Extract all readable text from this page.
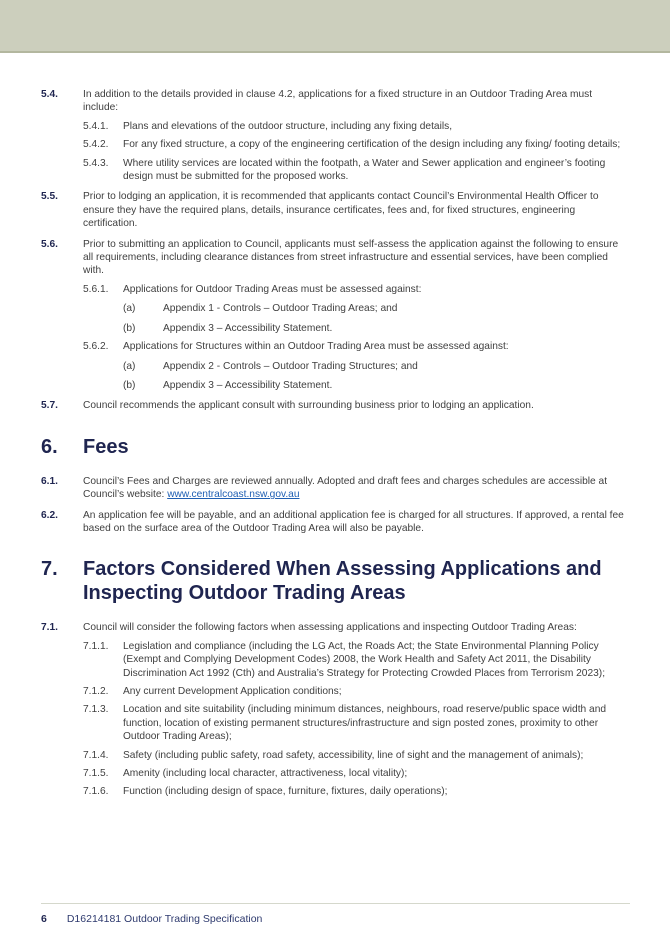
5.4. In addition to the details provided in clause 4.2, applications for a fixed structure in an Outdoor Trading Area must include:
5.4.1. Plans and elevations of the outdoor structure, including any fixing details,
5.4.2. For any fixed structure, a copy of the engineering certification of the design including any fixing/ footing details;
5.4.3. Where utility services are located within the footpath, a Water and Sewer application and engineer’s footing design must be submitted for the proposed works.
5.5. Prior to lodging an application, it is recommended that applicants contact Council’s Environmental Health Officer to ensure they have the required plans, details, insurance certificates, fees and, for fixed structures, engineering certification.
5.6. Prior to submitting an application to Council, applicants must self-assess the application against the following to ensure all requirements, including clearance distances from street infrastructure and essential services, have been complied with.
5.6.1. Applications for Outdoor Trading Areas must be assessed against:
(a)	Appendix 1 - Controls – Outdoor Trading Areas; and
(b)	Appendix 3 – Accessibility Statement.
5.6.2. Applications for Structures within an Outdoor Trading Area must be assessed against:
(a)	Appendix 2 - Controls – Outdoor Trading Structures; and
(b)	Appendix 3 – Accessibility Statement.
5.7. Council recommends the applicant consult with surrounding business prior to lodging an application.
6. Fees
6.1. Council’s Fees and Charges are reviewed annually. Adopted and draft fees and charges schedules are accessible at Council’s website: www.centralcoast.nsw.gov.au
6.2. An application fee will be payable, and an additional application fee is charged for all structures. If approved, a rental fee based on the surface area of the Outdoor Trading Area will also be payable.
7. Factors Considered When Assessing Applications and Inspecting Outdoor Trading Areas
7.1. Council will consider the following factors when assessing applications and inspecting Outdoor Trading Areas:
7.1.1. Legislation and compliance (including the LG Act, the Roads Act; the State Environmental Planning Policy (Exempt and Complying Development Codes) 2008, the Work Health and Safety Act 2011, the Disability Discrimination Act 1992 (Cth) and Australia’s Strategy for Protecting Crowded Places from Terrorism 2023);
7.1.2. Any current Development Application conditions;
7.1.3. Location and site suitability (including minimum distances, neighbours, road reserve/public space width and function, location of existing permanent structures/infrastructure and sign posted zones, proximity to other Outdoor Trading Areas);
7.1.4. Safety (including public safety, road safety, accessibility, line of sight and the management of animals);
7.1.5. Amenity (including local character, attractiveness, local vitality);
7.1.6. Function (including design of space, furniture, fixtures, daily operations);
6 D16214181 Outdoor Trading Specification
